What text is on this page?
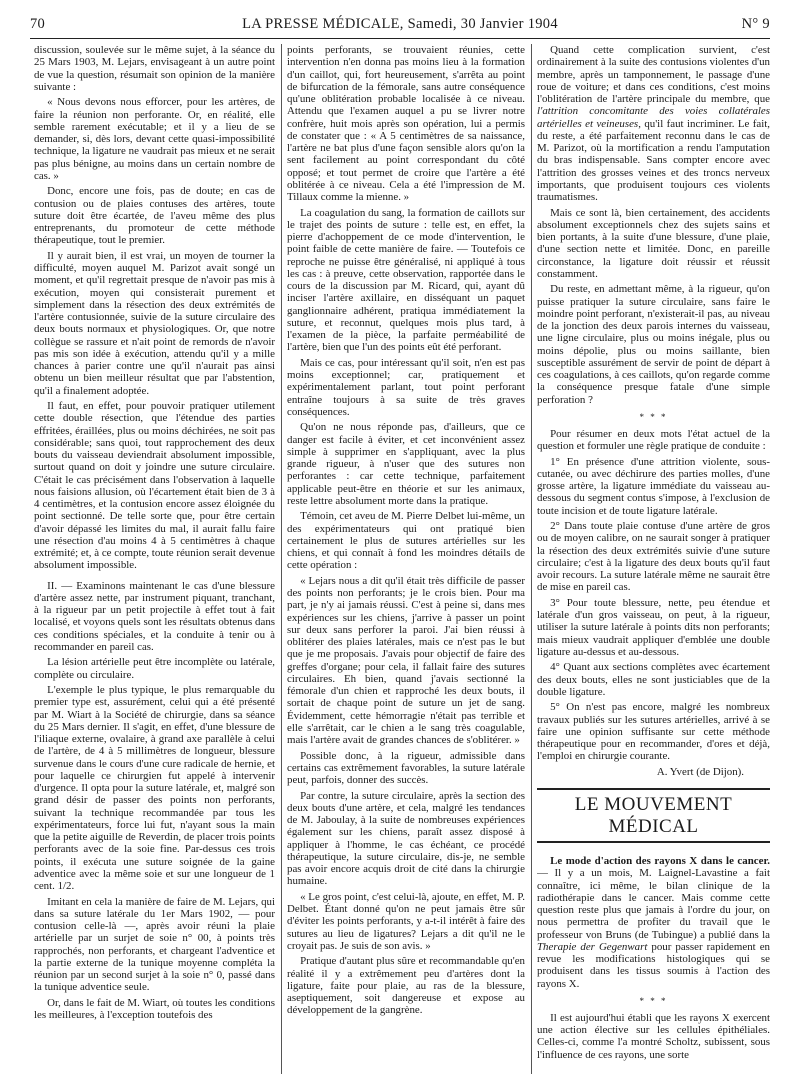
70	LA PRESSE MÉDICALE, Samedi, 30 Janvier 1904	N° 9

discussion, soulevée sur le même sujet, à la séance du 25 Mars 1903, M. Lejars, envisageant à un autre point de vue la question, résumait son opinion de la manière suivante :

« Nous devons nous efforcer, pour les artères, de faire la réunion non perforante. Or, en réalité, elle semble rarement exécutable; et il y a lieu de se demander, si, dès lors, devant cette quasi-impossibilité technique, la ligature ne vaudrait pas mieux et ne serait pas plus bénigne, au moins dans un certain nombre de cas. »

Donc, encore une fois, pas de doute; en cas de contusion ou de plaies contuses des artères, toute suture doit être écartée, de l'aveu même des plus entreprenants, du promoteur de cette méthode thérapeutique, tout le premier.

Il y aurait bien, il est vrai, un moyen de tourner la difficulté, moyen auquel M. Parizot avait songé un moment, et qu'il regrettait presque de n'avoir pas mis à exécution, moyen qui consisterait purement et simplement dans la résection des deux extrémités de l'artère contusionnée, suivie de la suture circulaire des deux bouts normaux et physiologiques. Or, que notre collègue se rassure et n'ait point de remords de n'avoir pas mis son idée à exécution, attendu qu'il y a mille chances à parier contre une qu'il n'aurait pas ainsi obtenu un bien meilleur résultat que par l'abstention, qu'il a finalement adoptée.

Il faut, en effet, pour pouvoir pratiquer utilement cette double résection, que l'étendue des parties effritées, éraillées, plus ou moins déchirées, ne soit pas considérable; sans quoi, tout rapprochement des deux bouts du vaisseau deviendrait absolument impossible, surtout quand on doit y joindre une suture circulaire. C'était le cas précisément dans l'observation à laquelle nous faisions allusion, où l'écartement était bien de 3 à 4 centimètres, et la contusion encore assez éloignée du point sectionné. De telle sorte que, pour être certain d'avoir dépassé les limites du mal, il aurait fallu faire une résection d'au moins 4 à 5 centimètres à chaque extrémité; et, à ce compte, toute réunion serait devenue absolument impossible.

II. — Examinons maintenant le cas d'une blessure d'artère assez nette, par instrument piquant, tranchant, à la rigueur par un petit projectile à effet tout à fait localisé, et voyons quels sont les résultats obtenus dans ces conditions spéciales, et la conduite à tenir ou à recommander en pareil cas.

La lésion artérielle peut être incomplète ou latérale, complète ou circulaire.

L'exemple le plus typique, le plus remarquable du premier type est, assurément, celui qui a été présenté par M. Wiart à la Société de chirurgie, dans sa séance du 25 Mars dernier. Il s'agit, en effet, d'une blessure de l'iliaque externe, ovalaire, à grand axe parallèle à celui de l'artère, de 4 à 5 millimètres de longueur, blessure survenue dans le cours d'une cure radicale de hernie, et pour laquelle ce chirurgien fut appelé à intervenir d'urgence. Il opta pour la suture latérale, et, malgré son grand désir de passer des points non perforants, suivant la technique recommandée par tous les expérimentateurs, force lui fut, n'ayant sous la main que la petite aiguille de Reverdin, de placer trois points perforants avec de la soie fine. Par-dessus ces trois points, il exécuta une suture soignée de la gaine adventice avec la même soie et sur une longueur de 1 cent. 1/2.

Imitant en cela la manière de faire de M. Lejars, qui dans sa suture latérale du 1er Mars 1902, — pour contusion celle-là —, après avoir réuni la plaie artérielle par un surjet de soie n° 00, à points très rapprochés, non perforants, et chargeant l'adventice et la partie externe de la tunique moyenne compléta la réunion par un second surjet à la soie n° 0, passé dans la tunique adventice seule.

Or, dans le fait de M. Wiart, où toutes les conditions les meilleures, à l'exception toutefois des

points perforants, se trouvaient réunies, cette intervention n'en donna pas moins lieu à la formation d'un caillot, qui, fort heureusement, s'arrêta au point de bifurcation de la fémorale, sans autre conséquence qu'une oblitération probable localisée à ce niveau. Attendu que l'examen auquel a pu se livrer notre confrère, huit mois après son opération, lui a permis de constater que : « A 5 centimètres de sa naissance, l'artère ne bat plus d'une façon sensible alors qu'on la sent facilement au point correspondant du côté opposé; et tout permet de croire que l'artère a été oblitérée à ce niveau. Cela a été l'impression de M. Tillaux comme la mienne. »

La coagulation du sang, la formation de caillots sur le trajet des points de suture : telle est, en effet, la pierre d'achoppement de ce mode d'intervention, le point faible de cette manière de faire. — Toutefois ce reproche ne puisse être généralisé, ni appliqué à tous les cas : à preuve, cette observation, rapportée dans le cours de la discussion par M. Ricard, qui, ayant dû inciser l'artère axillaire, en disséquant un paquet ganglionnaire adhérent, pratiqua immédiatement la suture, et reconnut, quelques mois plus tard, à l'examen de la pièce, la parfaite perméabilité de l'artère, bien que l'un des points eût été perforant.

Mais ce cas, pour intéressant qu'il soit, n'en est pas moins exceptionnel; car, pratiquement et expérimentalement parlant, tout point perforant entraîne toujours à sa suite de très graves conséquences.

Qu'on ne nous réponde pas, d'ailleurs, que ce danger est facile à éviter, et cet inconvénient assez simple à supprimer en s'appliquant, avec la plus grande rigueur, à n'user que des sutures non perforantes : car cette technique, parfaitement applicable peut-être en théorie et sur les animaux, reste lettre absolument morte dans la pratique.

Témoin, cet aveu de M. Pierre Delbet lui-même, un des expérimentateurs qui ont pratiqué bien certainement le plus de sutures artérielles sur les chiens, et qui connaît à fond les moindres détails de cette opération :

« Lejars nous a dit qu'il était très difficile de passer des points non perforants; je le crois bien. Pour ma part, je n'y ai jamais réussi. C'est à peine si, dans mes expériences sur les chiens, j'arrive à passer un point sur deux sans perforer la paroi. J'ai bien réussi à oblitérer des plaies latérales, mais ce n'est pas le but que je me proposais. J'avais pour objectif de faire des greffes d'organe; pour cela, il fallait faire des sutures circulaires. Eh bien, quand j'avais sectionné la fémorale d'un chien et rapproché les deux bouts, il sortait de chaque point de suture un jet de sang. Évidemment, cette hémorragie n'était pas terrible et elle s'arrêtait, car le chien a le sang très coagulable, mais l'artère avait de grandes chances de s'oblitérer. »

Possible donc, à la rigueur, admissible dans certains cas extrêmement favorables, la suture latérale peut, parfois, donner des succès.

Par contre, la suture circulaire, après la section des deux bouts d'une artère, et cela, malgré les tendances de M. Jaboulay, à la suite de nombreuses expériences également sur les chiens, paraît assez disposé à appliquer à l'homme, le cas échéant, ce procédé thérapeutique, la suture circulaire, dis-je, ne semble pas avoir encore acquis droit de cité dans la chirurgie humaine.

« Le gros point, c'est celui-là, ajoute, en effet, M. P. Delbet. Étant donné qu'on ne peut jamais être sûr d'éviter les points perforants, y a-t-il intérêt à faire des sutures au lieu de ligatures? Lejars a dit qu'il ne le croyait pas. Je suis de son avis. »

Pratique d'autant plus sûre et recommandable qu'en réalité il y a extrêmement peu d'artères dont la ligature, faite pour plaie, au ras de la blessure, aseptiquement, soit dangereuse et expose au développement de la gangrène.

Quand cette complication survient, c'est ordinairement à la suite des contusions violentes d'un membre, après un tamponnement, le passage d'une roue de voiture; et dans ces conditions, c'est moins l'oblitération de l'artère principale du membre, que l'attrition concomitante des voies collatérales artérielles et veineuses, qu'il faut incriminer. Le fait, du reste, a été parfaitement reconnu dans le cas de M. Parizot, où la mortification a rendu l'amputation du bras indispensable. Sans compter encore avec l'attrition des grosses veines et des troncs nerveux importants, que produisent toujours ces violents traumatismes.

Mais ce sont là, bien certainement, des accidents absolument exceptionnels chez des sujets sains et bien portants, à la suite d'une blessure, d'une plaie, d'une section nette et limitée. Donc, en pareille circonstance, la ligature doit réussir et réussit constamment.

Du reste, en admettant même, à la rigueur, qu'on puisse pratiquer la suture circulaire, sans faire le moindre point perforant, n'existerait-il pas, au niveau de la jonction des deux parois internes du vaisseau, une ligne circulaire, plus ou moins inégale, plus ou moins dépolie, plus ou moins saillante, bien susceptible assurément de servir de point de départ à ces coagulations, à ces caillots, qu'on regarde comme la conséquence presque fatale d'une simple perforation ?

* * *

Pour résumer en deux mots l'état actuel de la question et formuler une règle pratique de conduite :

1° En présence d'une attrition violente, sous-cutanée, ou avec déchirure des parties molles, d'une grosse artère, la ligature immédiate du vaisseau au-dessous du segment contus s'impose, à l'exclusion de toute incision et de toute ligature latérale.

2° Dans toute plaie contuse d'une artère de gros ou de moyen calibre, on ne saurait songer à pratiquer la résection des deux extrémités suivie d'une suture circulaire; c'est à la ligature des deux bouts qu'il faut avoir recours. La suture latérale même ne saurait être de mise en pareil cas.

3° Pour toute blessure, nette, peu étendue et latérale d'un gros vaisseau, on peut, à la rigueur, utiliser la suture latérale à points dits non perforants; mais mieux vaudrait appliquer d'emblée une double ligature au-dessus et au-dessous.

4° Quant aux sections complètes avec écartement des deux bouts, elles ne sont justiciables que de la double ligature.

5° On n'est pas encore, malgré les nombreux travaux publiés sur les sutures artérielles, arrivé à se faire une opinion suffisante sur cette méthode thérapeutique pour en recommander, d'ores et déjà, l'emploi en chirurgie courante.

A. Yvert (de Dijon).

LE MOUVEMENT MÉDICAL

Le mode d'action des rayons X dans le cancer. — Il y a un mois, M. Laignel-Lavastine a fait connaître, ici même, le bilan clinique de la radiothérapie dans le cancer. Mais comme cette question reste plus que jamais à l'ordre du jour, on nous permettra de profiter du travail que le professeur von Bruns (de Tubingue) a publié dans la Therapie der Gegenwart pour passer rapidement en revue les modifications histologiques qui se produisent dans les tissus soumis à l'action des rayons X.

* * *

Il est aujourd'hui établi que les rayons X exercent une action élective sur les cellules épithéliales. Celles-ci, comme l'a montré Scholtz, subissent, sous l'influence de ces rayons, une sorte
